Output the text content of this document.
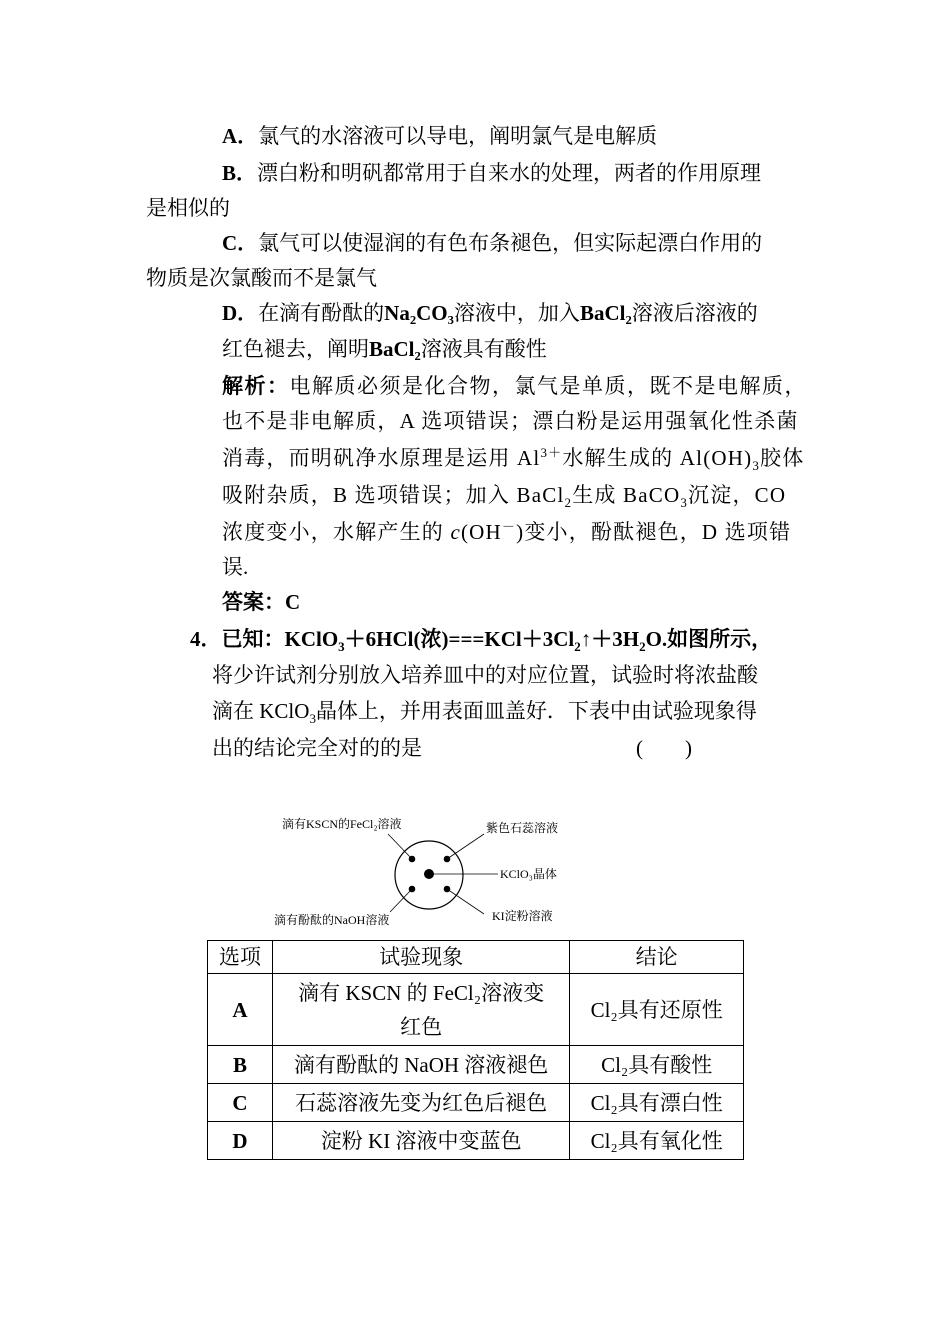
A．氯气的水溶液可以导电，阐明氯气是电解质
B．漂白粉和明矾都常用于自来水的处理，两者的作用原理
是相似的
C．氯气可以使湿润的有色布条褪色，但实际起漂白作用的
物质是次氯酸而不是氯气
D．在滴有酚酞的Na₂CO₃溶液中，加入BaCl₂溶液后溶液的
红色褪去，阐明BaCl₂溶液具有酸性
解析：电解质必须是化合物，氯气是单质，既不是电解质，
也不是非电解质，A 选项错误；漂白粉是运用强氧化性杀菌
消毒，而明矾净水原理是运用 $Al^{3+}$水解生成的 $Al(OH)_3$胶体
吸附杂质，B 选项错误；加入 BaCl$_2$生成 BaCO$_3$沉淀，CO
浓度变小，水解产生的 c(OH－)变小，酚酞褪色，D 选项错
误.
答案：C
4．已知：KClO$_3$＋6HCl(浓)$===KCl+3Cl_2↑+3H_2O$.如图所示，
将少许试剂分别放入培养皿中的对应位置，试验时将浓盐酸
滴在 KClO$_3$晶体上，并用表面皿盖好．下表中由试验现象得
出的结论完全对的的是	(　　)
滴有KSCN的FeCl₂溶液	紫色石蕊溶液
KClO₃晶体
滴有酚酞的NaOH溶液	KI淀粉溶液
选项	试验现象	结论
A	滴有 KSCN 的 FeCl₂溶液变
红色	Cl₂具有还原性
B	滴有酚酞的 NaOH 溶液褪色	Cl₂具有酸性
C	石蕊溶液先变为红色后褪色	Cl₂具有漂白性
D	淀粉 KI 溶液中变蓝色	Cl₂具有氧化性
